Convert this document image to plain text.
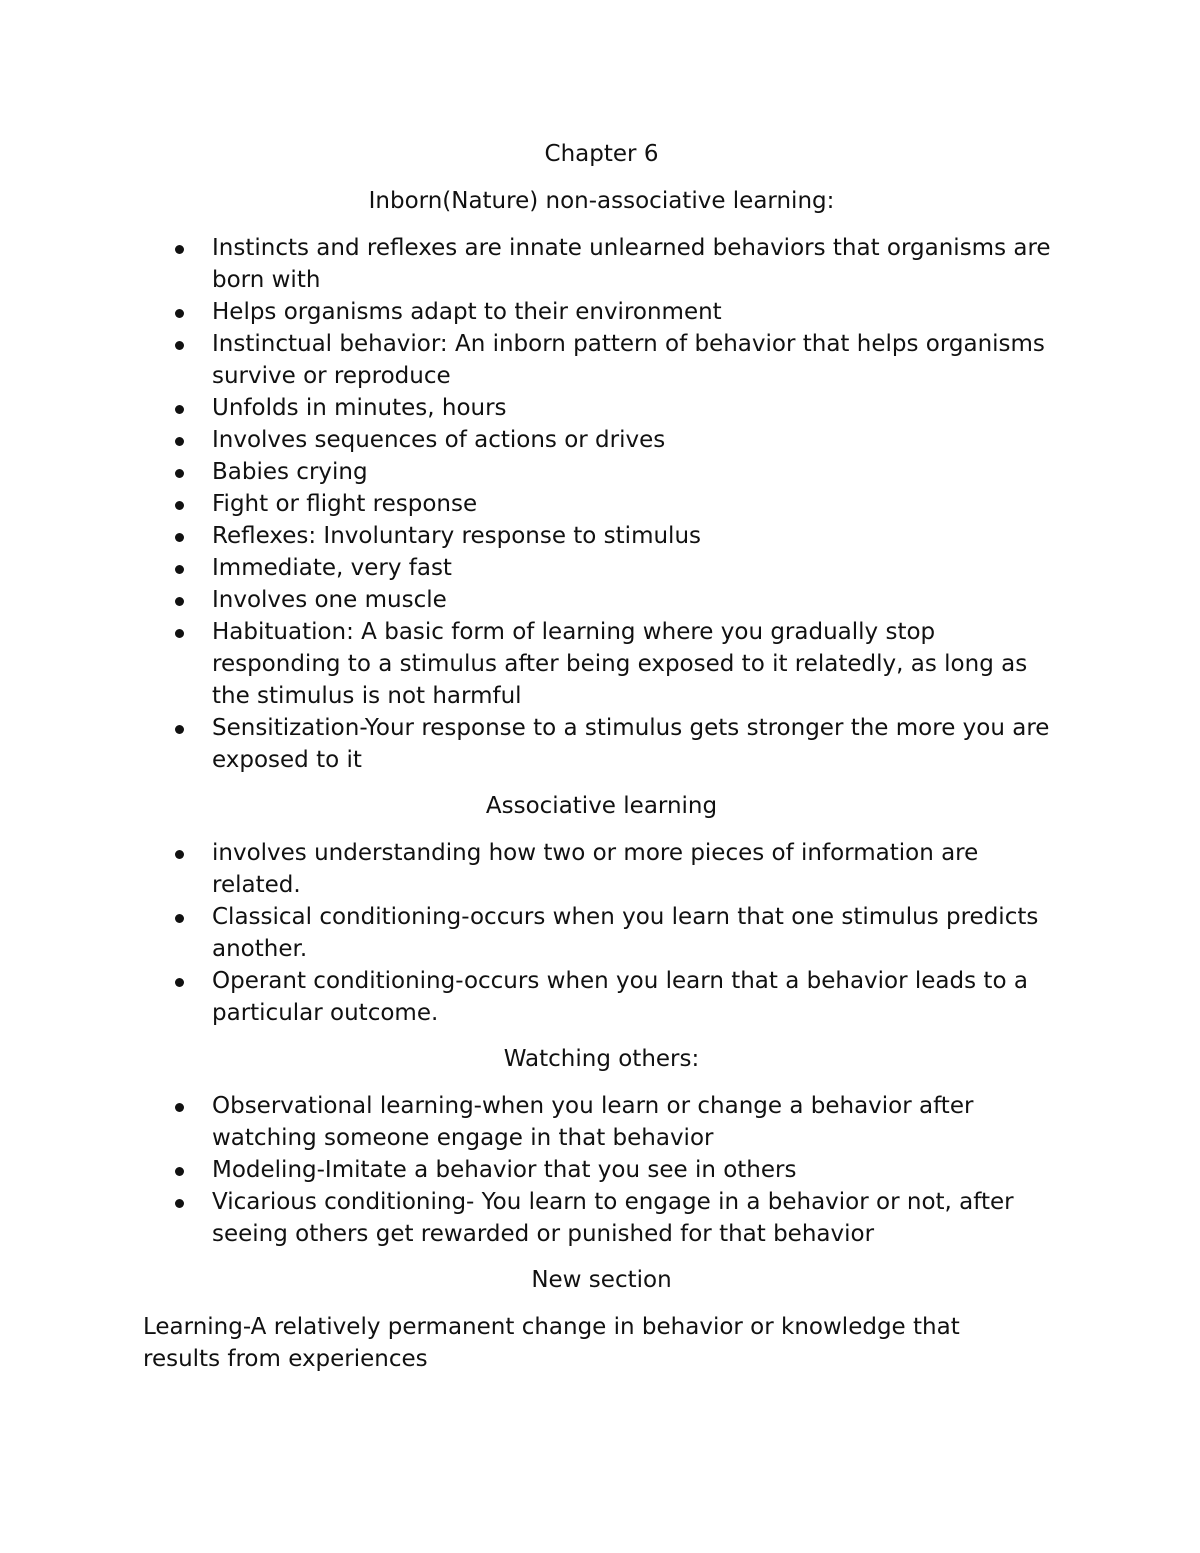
Chapter 6
Inborn(Nature) non-associative learning:
Instincts and reflexes are innate unlearned behaviors that organisms are born with
Helps organisms adapt to their environment
Instinctual behavior: An inborn pattern of behavior that helps organisms survive or reproduce
Unfolds in minutes, hours
Involves sequences of actions or drives
Babies crying
Fight or flight response
Reflexes: Involuntary response to stimulus
Immediate, very fast
Involves one muscle
Habituation: A basic form of learning where you gradually stop responding to a stimulus after being exposed to it relatedly, as long as the stimulus is not harmful
Sensitization-Your response to a stimulus gets stronger the more you are exposed to it
Associative learning
involves understanding how two or more pieces of information are related.
Classical conditioning-occurs when you learn that one stimulus predicts another.
Operant conditioning-occurs when you learn that a behavior leads to a particular outcome.
Watching others:
Observational learning-when you learn or change a behavior after watching someone engage in that behavior
Modeling-Imitate a behavior that you see in others
Vicarious conditioning- You learn to engage in a behavior or not, after seeing others get rewarded or punished for that behavior
New section

Learning-A relatively permanent change in behavior or knowledge that results from experiences
